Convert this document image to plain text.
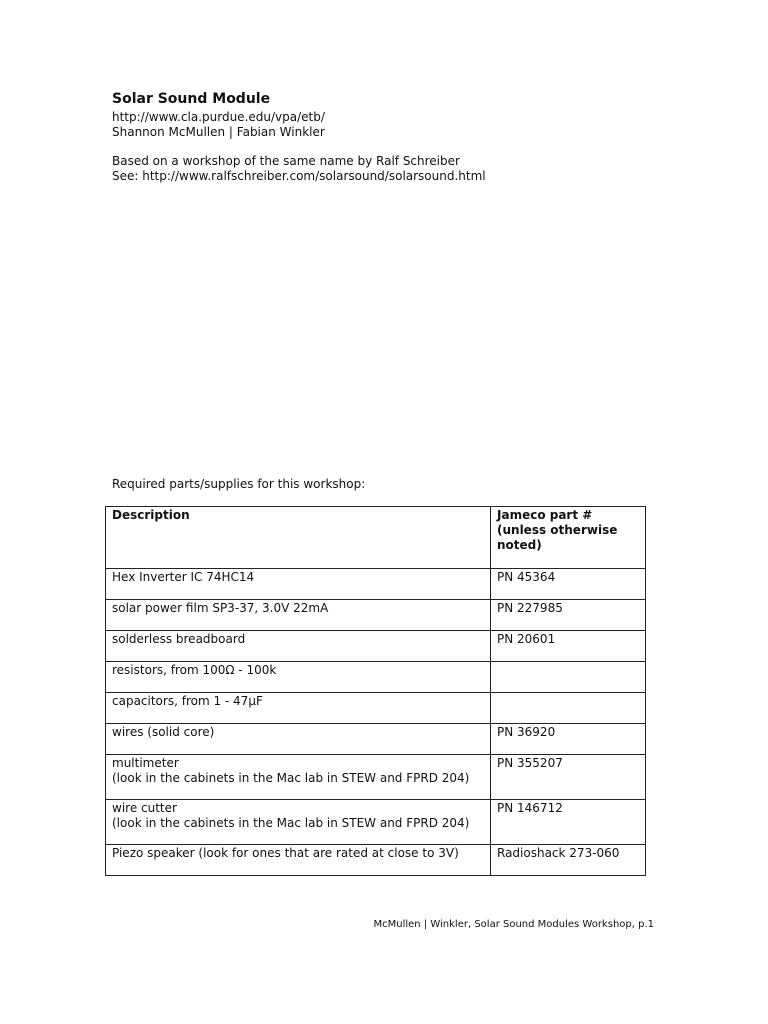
Solar Sound Module

http://www.cla.purdue.edu/vpa/etb/

Shannon McMullen | Fabian Winkler

Based on a workshop of the same name by Ralf Schreiber

See: http://www.ralfschreiber.com/solarsound/solarsound.html

Required parts/supplies for this workshop:
Description	Jameco part #
(unless otherwise
noted)

Hex Inverter IC 74HC14	PN 45364
solar power film SP3-37, 3.0V 22mA	PN 227985
solderless breadboard	PN 20601
resistors, from 100Ω - 100k	
capacitors, from 1 - 47µF	
wires (solid core)	PN 36920

multimeter
(look in the cabinets in the Mac lab in STEW and FPRD 204)	PN 355207

wire cutter
(look in the cabinets in the Mac lab in STEW and FPRD 204)	PN 146712
Piezo speaker (look for ones that are rated at close to 3V)	Radioshack 273-060
McMullen | Winkler, Solar Sound Modules Workshop, p.1
